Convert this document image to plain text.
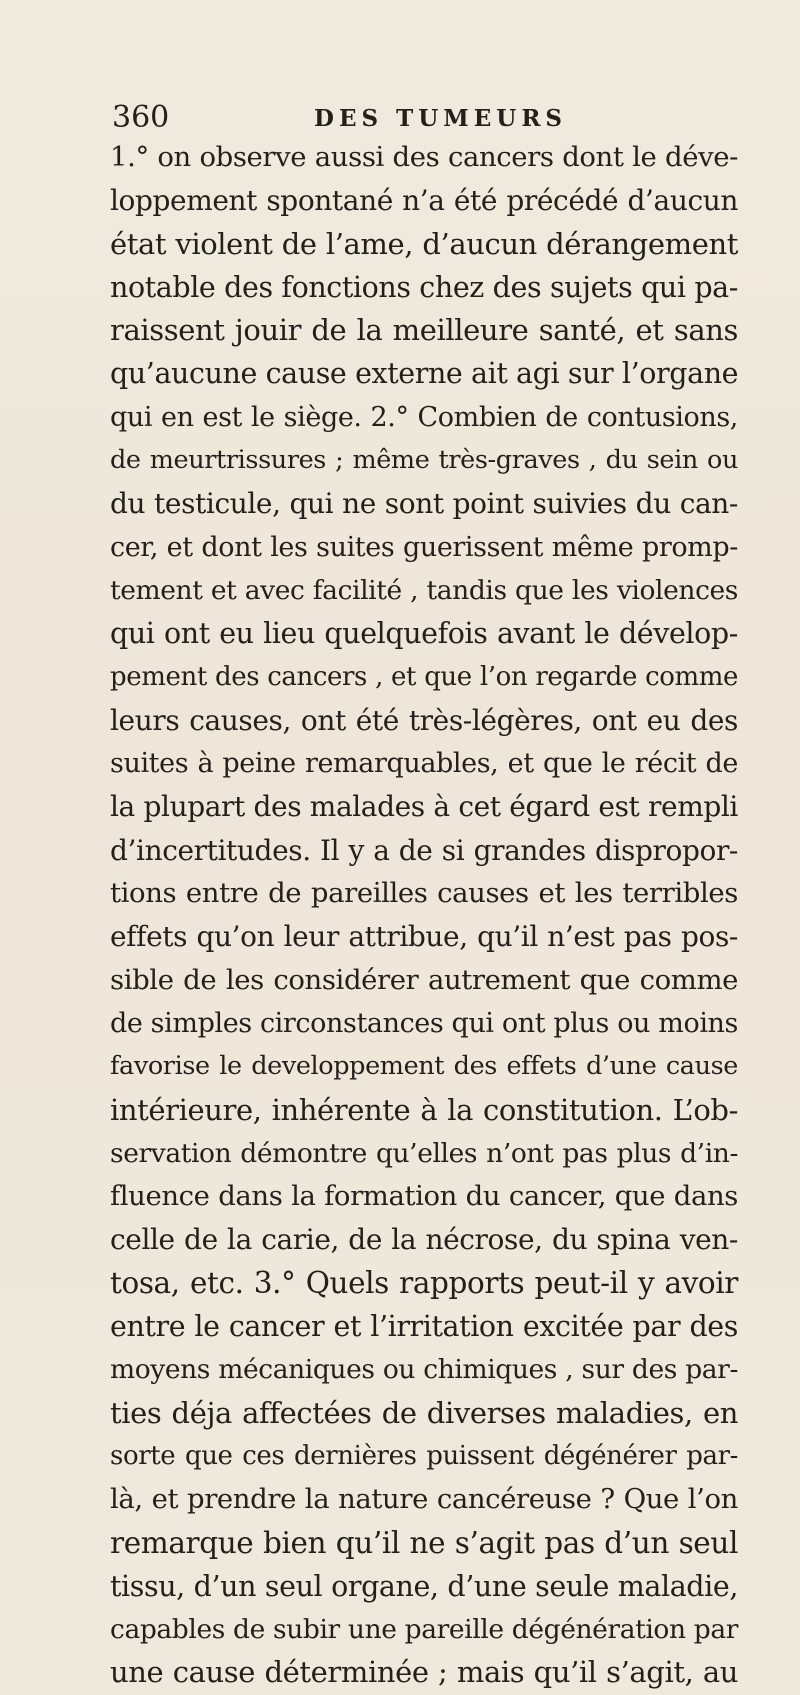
360	DES TUMEURS
1.° on observe aussi des cancers dont le déve-
loppement spontané n’a été précédé d’aucun
état violent de l’ame, d’aucun dérangement
notable des fonctions chez des sujets qui pa-
raissent jouir de la meilleure santé, et sans
qu’aucune cause externe ait agi sur l’organe
qui en est le siège. 2.° Combien de contusions,
de meurtrissures ; même très-graves , du sein ou
du testicule, qui ne sont point suivies du can-
cer, et dont les suites guerissent même promp-
tement et avec facilité , tandis que les violences
qui ont eu lieu quelquefois avant le dévelop-
pement des cancers , et que l’on regarde comme
leurs causes, ont été très-légères, ont eu des
suites à peine remarquables, et que le récit de
la plupart des malades à cet égard est rempli
d’incertitudes. Il y a de si grandes dispropor-
tions entre de pareilles causes et les terribles
effets qu’on leur attribue, qu’il n’est pas pos-
sible de les considérer autrement que comme
de simples circonstances qui ont plus ou moins
favorise le developpement des effets d’une cause
intérieure, inhérente à la constitution. L’ob-
servation démontre qu’elles n’ont pas plus d’in-
fluence dans la formation du cancer, que dans
celle de la carie, de la nécrose, du spina ven-
tosa, etc. 3.° Quels rapports peut-il y avoir
entre le cancer et l’irritation excitée par des
moyens mécaniques ou chimiques , sur des par-
ties déja affectées de diverses maladies, en
sorte que ces dernières puissent dégénérer par-
là, et prendre la nature cancéreuse ? Que l’on
remarque bien qu’il ne s’agit pas d’un seul
tissu, d’un seul organe, d’une seule maladie,
capables de subir une pareille dégénération par
une cause déterminée ; mais qu’il s’agit, au
